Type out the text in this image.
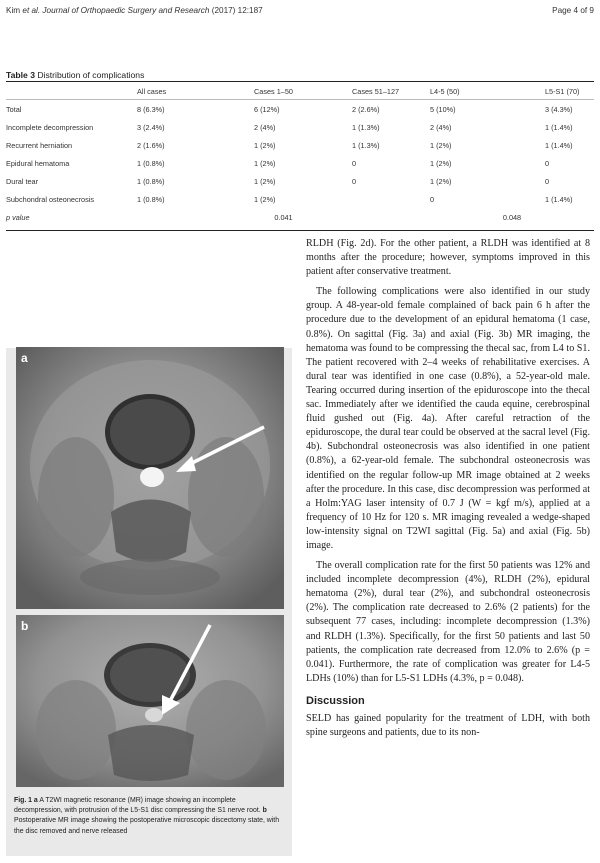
Kim et al. Journal of Orthopaedic Surgery and Research (2017) 12:187	Page 4 of 9
Table 3 Distribution of complications
	All cases	Cases 1–50	Cases 51–127	L4-5 (50)	L5-S1 (70)
Total	8 (6.3%)	6 (12%)	2 (2.6%)	5 (10%)	3 (4.3%)
Incomplete decompression	3 (2.4%)	2 (4%)	1 (1.3%)	2 (4%)	1 (1.4%)
Recurrent herniation	2 (1.6%)	1 (2%)	1 (1.3%)	1 (2%)	1 (1.4%)
Epidural hematoma	1 (0.8%)	1 (2%)	0	1 (2%)	0
Dural tear	1 (0.8%)	1 (2%)	0	1 (2%)	0
Subchondral osteonecrosis	1 (0.8%)	1 (2%)		0	1 (1.4%)
p value	0.041			0.048	
a
b
Fig. 1 a A T2WI magnetic resonance (MR) image showing an incomplete decompression, with protrusion of the L5-S1 disc compressing the S1 nerve root. b Postoperative MR image showing the postoperative microscopic discectomy state, with the disc removed and nerve released

RLDH (Fig. 2d). For the other patient, a RLDH was identified at 8 months after the procedure; however, symptoms improved in this patient after conservative treatment.

The following complications were also identified in our study group. A 48-year-old female complained of back pain 6 h after the procedure due to the development of an epidural hematoma (1 case, 0.8%). On sagittal (Fig. 3a) and axial (Fig. 3b) MR imaging, the hematoma was found to be compressing the thecal sac, from L4 to S1. The patient recovered with 2–4 weeks of rehabilitative exercises. A dural tear was identified in one case (0.8%), a 52-year-old male. Tearing occurred during insertion of the epiduroscope into the thecal sac. Immediately after we identified the cauda equine, cerebrospinal fluid gushed out (Fig. 4a). After careful retraction of the epiduroscope, the dural tear could be observed at the sacral level (Fig. 4b). Subchondral osteonecrosis was also identified in one patient (0.8%), a 62-year-old female. The subchondral osteonecrosis was identified on the regular follow-up MR image obtained at 2 weeks after the procedure. In this case, disc decompression was performed at a Holm:YAG laser intensity of 0.7 J (W = kgf m/s), applied at a frequency of 10 Hz for 120 s. MR imaging revealed a wedge-shaped low-intensity signal on T2WI sagittal (Fig. 5a) and axial (Fig. 5b) image.

The overall complication rate for the first 50 patients was 12% and included incomplete decompression (4%), RLDH (2%), epidural hematoma (2%), dural tear (2%), and subchondral osteonecrosis (2%). The complication rate decreased to 2.6% (2 patients) for the subsequent 77 cases, including: incomplete decompression (1.3%) and RLDH (1.3%). Specifically, for the first 50 patients and last 50 patients, the complication rate decreased from 12.0% to 2.6% (p = 0.041). Furthermore, the rate of complication was greater for L4-5 LDHs (10%) than for L5-S1 LDHs (4.3%, p = 0.048).

Discussion

SELD has gained popularity for the treatment of LDH, with both spine surgeons and patients, due to its non-
